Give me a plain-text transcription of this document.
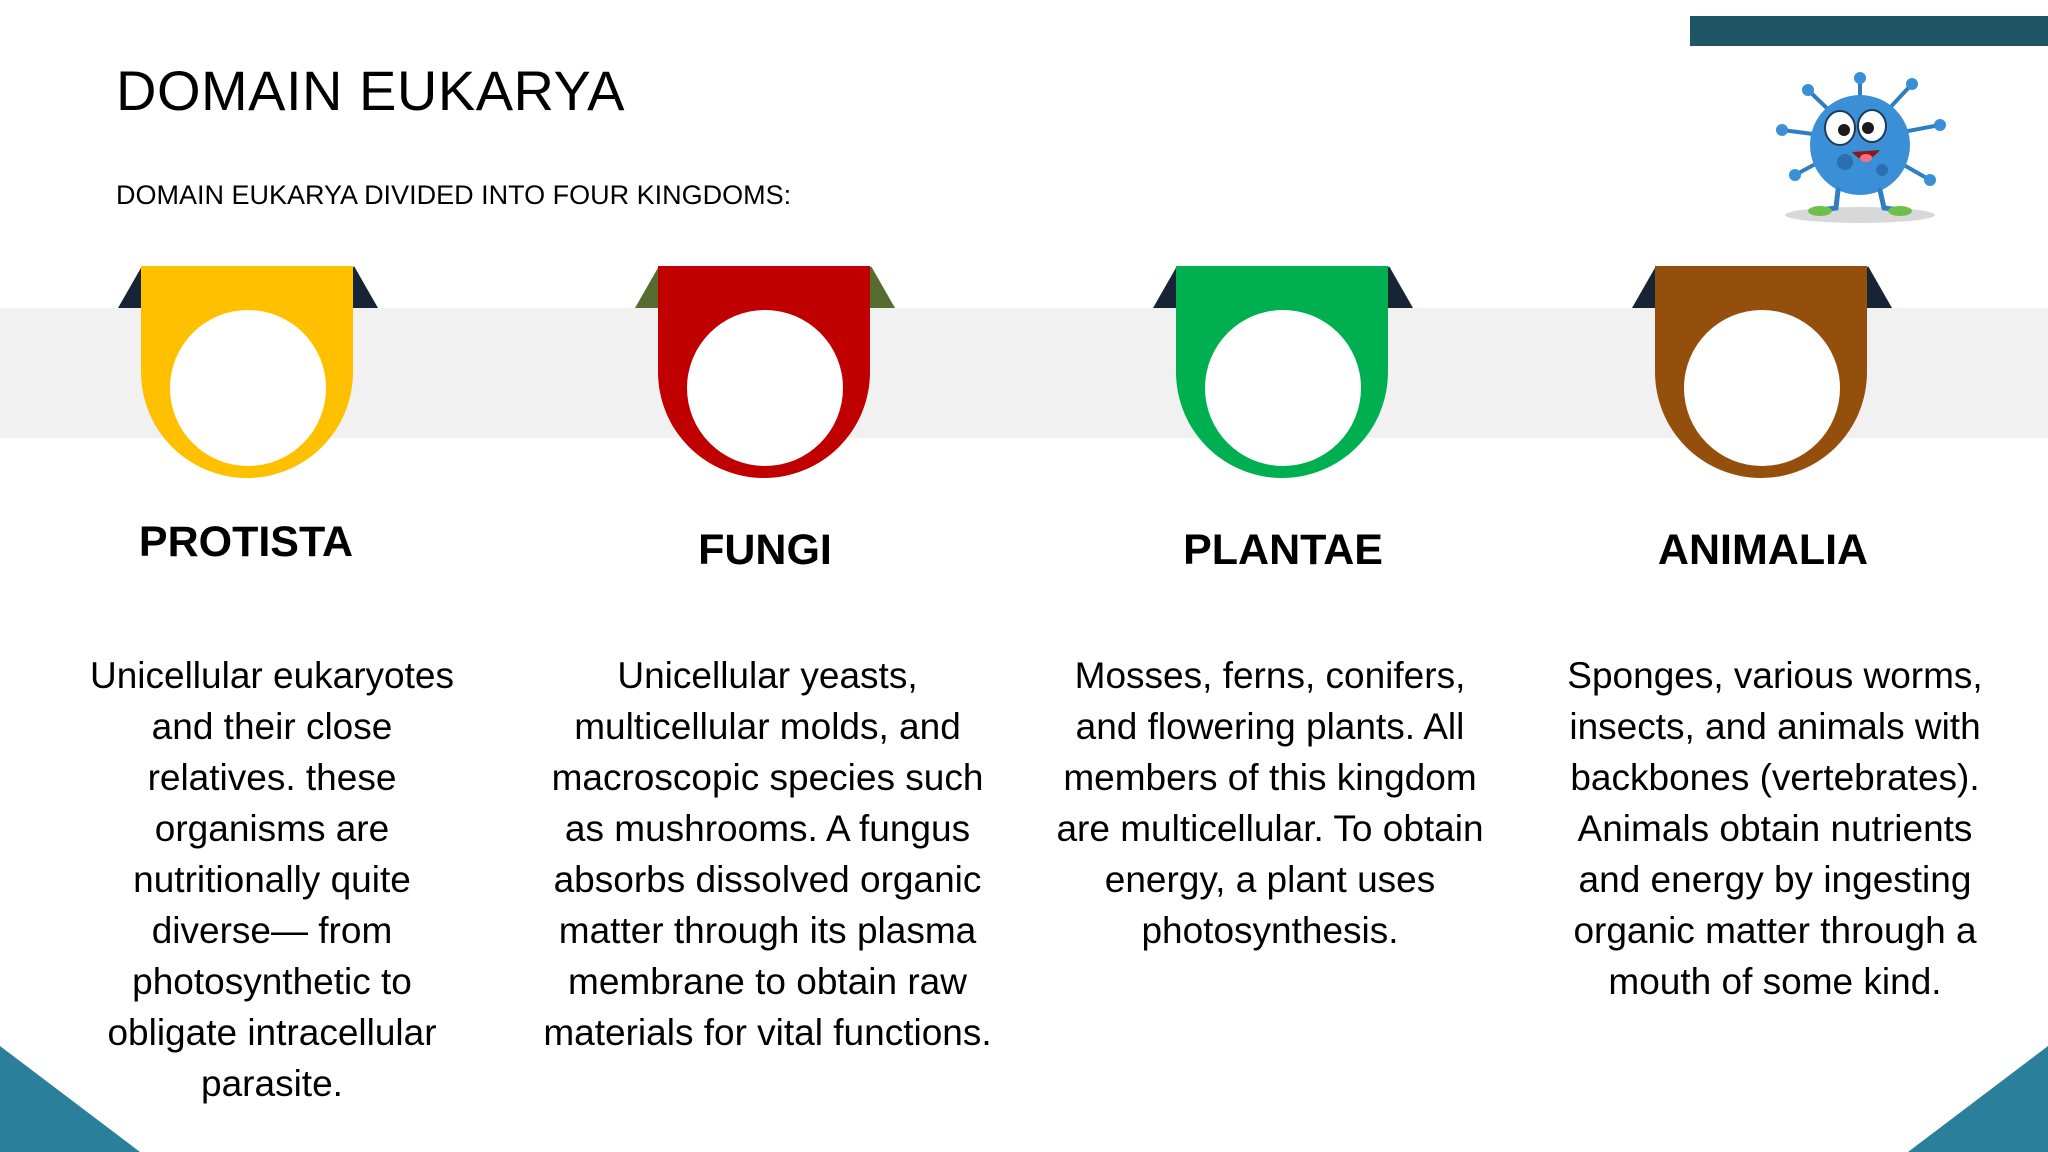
DOMAIN EUKARYA
DOMAIN EUKARYA DIVIDED INTO FOUR KINGDOMS:
PROTISTA
Unicellular eukaryotes and their close relatives. these organisms are nutritionally quite diverse— from photosynthetic to obligate intracellular parasite.
FUNGI
Unicellular yeasts, multicellular molds, and macroscopic species such as mushrooms. A fungus absorbs dissolved organic matter through its plasma membrane to obtain raw materials for vital functions.
PLANTAE
Mosses, ferns, conifers, and flowering plants. All members of this kingdom are multicellular. To obtain energy, a plant uses photosynthesis.
ANIMALIA
Sponges, various worms, insects, and animals with backbones (vertebrates). Animals obtain nutrients and energy by ingesting organic matter through a mouth of some kind.
